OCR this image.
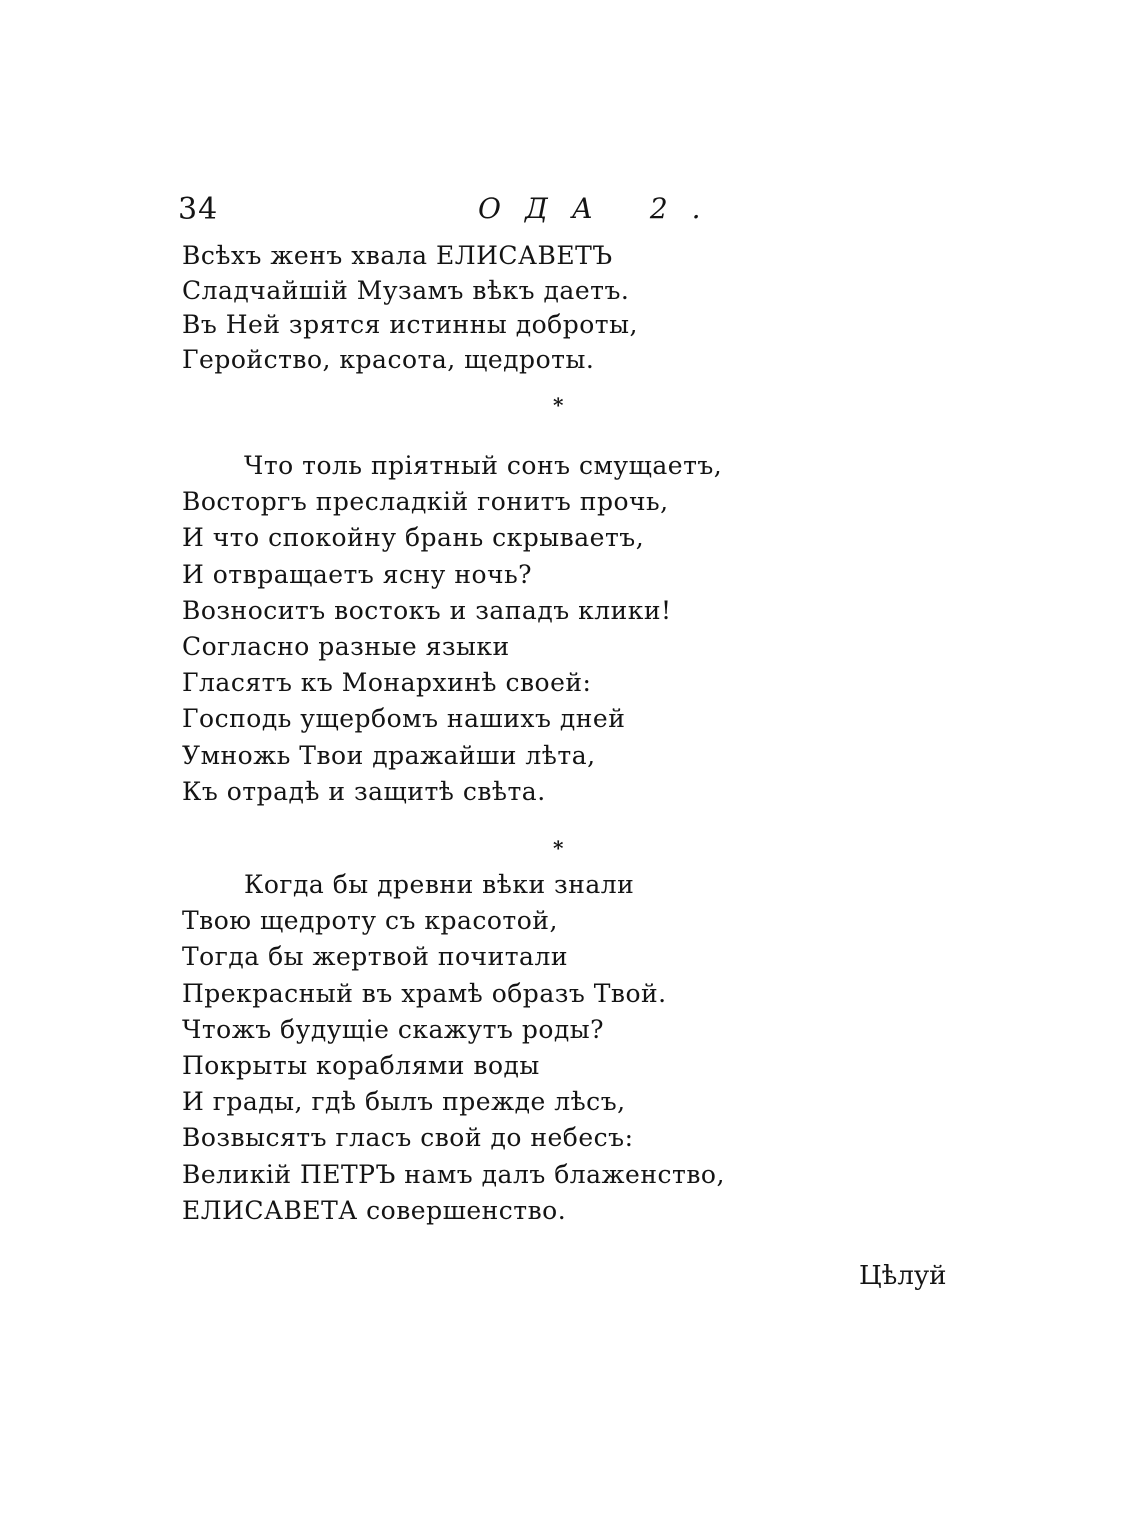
34	ОДА 2.
Всѣхъ женъ хвала ЕЛИСАВЕТЪ
Сладчайшій Музамъ вѣкъ даетъ.
Въ Ней зрятся истинны доброты,
Геройство, красота, щедроты.
*
Что толь пріятный сонъ смущаетъ,
Восторгъ пресладкій гонитъ прочь,
И что спокойну брань скрываетъ,
И отвращаетъ ясну ночь?
Возноситъ востокъ и западъ клики!
Согласно разные языки
Гласятъ къ Монархинѣ своей:
Господь ущербомъ нашихъ дней
Умножь Твои дражайши лѣта,
Къ отрадѣ и защитѣ свѣта.
*
Когда бы древни вѣки знали
Твою щедроту съ красотой,
Тогда бы жертвой почитали
Прекрасный въ храмѣ образъ Твой.
Чтожъ будущіе скажутъ роды?
Покрыты кораблями воды
И грады, гдѣ былъ прежде лѣсъ,
Возвысятъ гласъ свой до небесъ:
Великій ПЕТРЪ намъ далъ блаженство,
ЕЛИСАВЕТА совершенство.
Цѣлуй
